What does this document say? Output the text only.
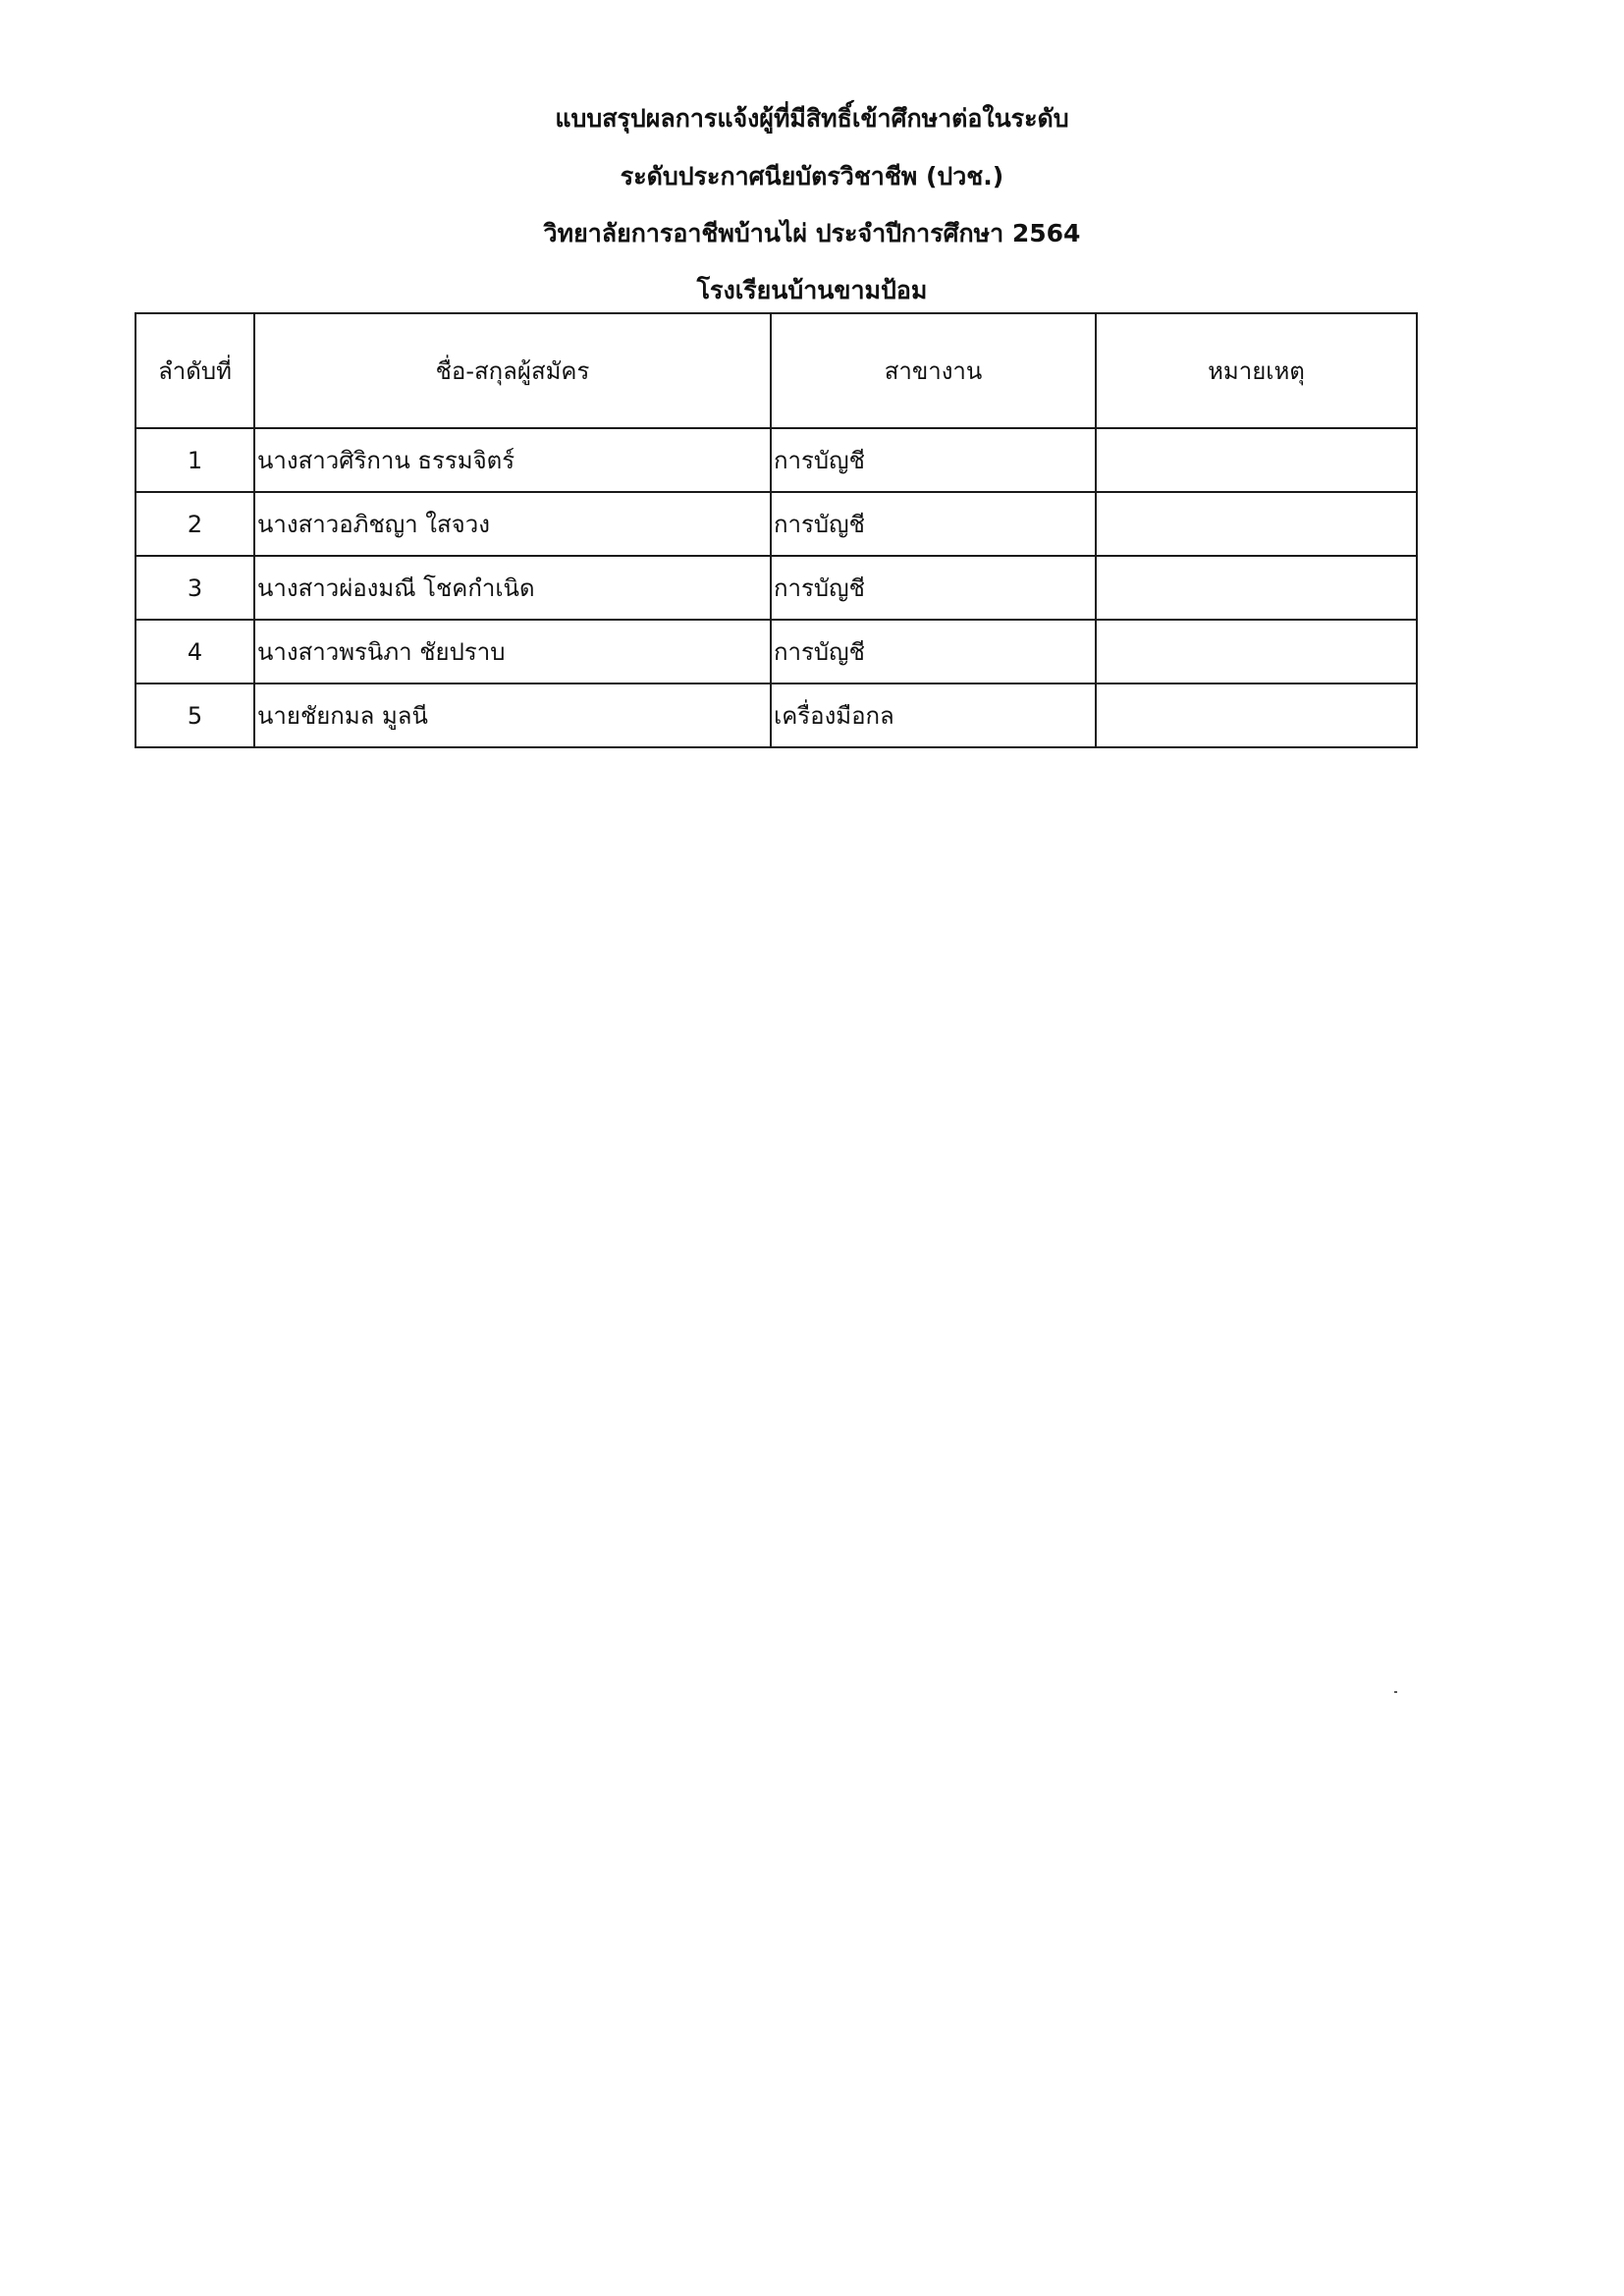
แบบสรุปผลการแจ้งผู้ที่มีสิทธิ์เข้าศึกษาต่อในระดับ
ระดับประกาศนียบัตรวิชาชีพ (ปวช.)
วิทยาลัยการอาชีพบ้านไผ่ ประจำปีการศึกษา 2564
โรงเรียนบ้านขามป้อม
ลำดับที่	ชื่อ-สกุลผู้สมัคร	สาขางาน	หมายเหตุ
1	นางสาวศิริกาน ธรรมจิตร์	การบัญชี	
2	นางสาวอภิชญา ใสจวง	การบัญชี	
3	นางสาวผ่องมณี โชคกำเนิด	การบัญชี	
4	นางสาวพรนิภา ชัยปราบ	การบัญชี	
5	นายชัยกมล มูลนี	เครื่องมือกล	
